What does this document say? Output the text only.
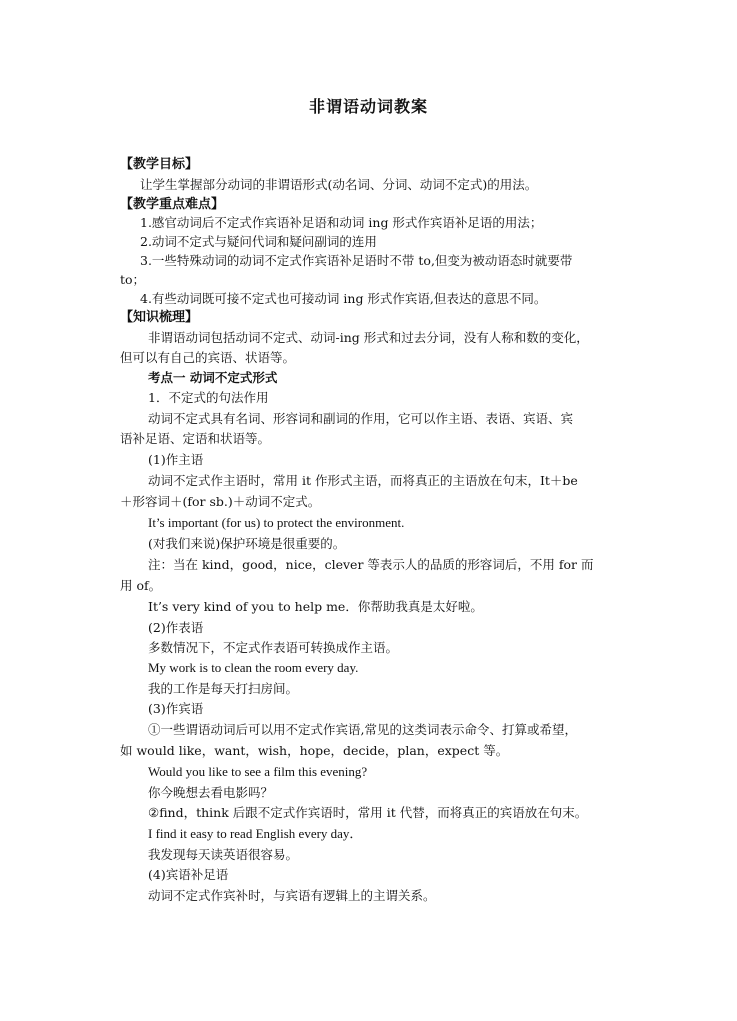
非谓语动词教案
【教学目标】
让学生掌握部分动词的非谓语形式(动名词、分词、动词不定式)的用法。
【教学重点难点】
1.感官动词后不定式作宾语补足语和动词 ing 形式作宾语补足语的用法；
2.动词不定式与疑问代词和疑问副词的连用
3.一些特殊动词的动词不定式作宾语补足语时不带 to,但变为被动语态时就要带
to；
4.有些动词既可接不定式也可接动词 ing 形式作宾语,但表达的意思不同。
【知识梳理】
非谓语动词包括动词不定式、动词-ing 形式和过去分词，没有人称和数的变化，
但可以有自己的宾语、状语等。
考点一 动词不定式形式
1．不定式的句法作用
动词不定式具有名词、形容词和副词的作用，它可以作主语、表语、宾语、宾
语补足语、定语和状语等。
(1)作主语
动词不定式作主语时，常用 it 作形式主语，而将真正的主语放在句末，It＋be
＋形容词＋(for sb.)＋动词不定式。
It’s important (for us) to protect the environment.
(对我们来说)保护环境是很重要的。
注：当在 kind，good，nice，clever 等表示人的品质的形容词后，不用 for 而
用 of。
It’s very kind of you to help me．你帮助我真是太好啦。
(2)作表语
多数情况下，不定式作表语可转换成作主语。
My work is to clean the room every day.
我的工作是每天打扫房间。
(3)作宾语
①一些谓语动词后可以用不定式作宾语,常见的这类词表示命令、打算或希望，
如 would like，want，wish，hope，decide，plan，expect 等。
Would you like to see a film this evening?
你今晚想去看电影吗？
②find，think 后跟不定式作宾语时，常用 it 代替，而将真正的宾语放在句末。
I find it easy to read English every day．
我发现每天读英语很容易。
(4)宾语补足语
动词不定式作宾补时，与宾语有逻辑上的主谓关系。
